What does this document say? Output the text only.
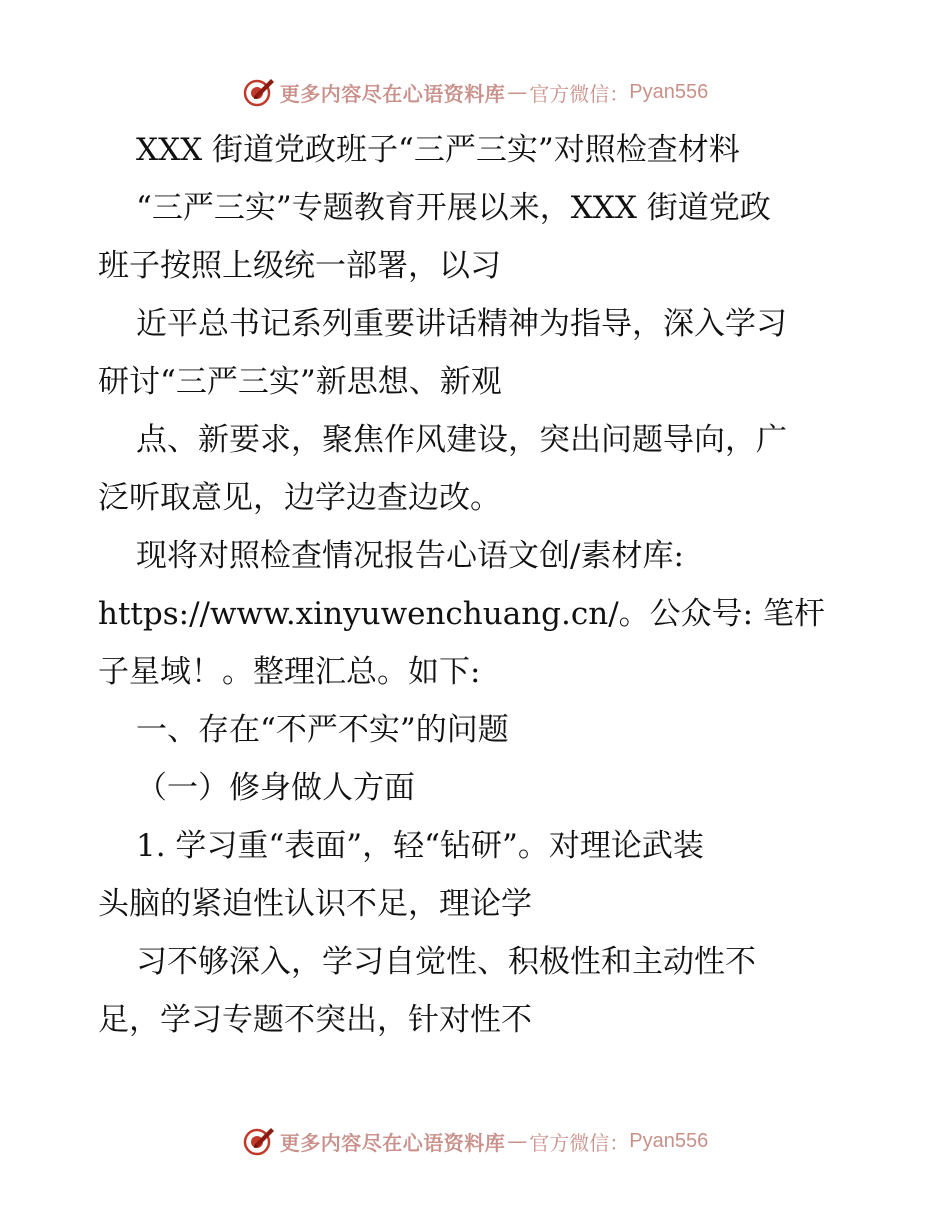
更多内容尽在心语资料库 — 官方微信： Pyan556
XXX 街道党政班子“三严三实”对照检查材料
“三严三实”专题教育开展以来，XXX 街道党政
班子按照上级统一部署，以习
近平总书记系列重要讲话精神为指导，深入学习
研讨“三严三实”新思想、新观
点、新要求，聚焦作风建设，突出问题导向，广
泛听取意见，边学边查边改。
现将对照检查情况报告心语文创/素材库:
https://www.xinyuwenchuang.cn/。公众号: 笔杆
子星域！。整理汇总。如下:
一、存在“不严不实”的问题
（一）修身做人方面
1. 学习重“表面”，轻“钻研”。对理论武装
头脑的紧迫性认识不足，理论学
习不够深入，学习自觉性、积极性和主动性不
足，学习专题不突出，针对性不
更多内容尽在心语资料库 — 官方微信： Pyan556
